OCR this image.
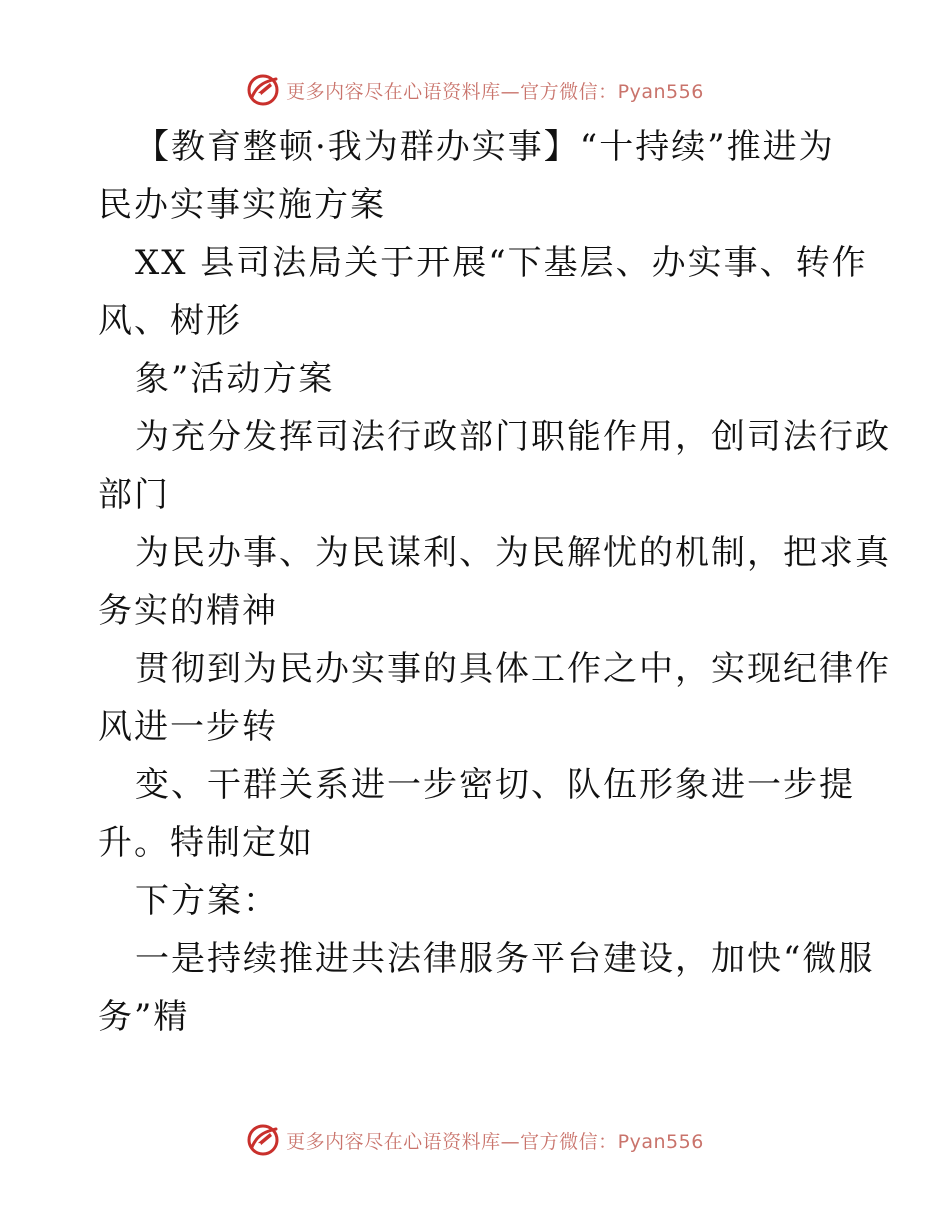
更多内容尽在心语资料库—官方微信：Pyan556
【教育整顿·我为群办实事】“十持续”推进为
民办实事实施方案
XX 县司法局关于开展“下基层、办实事、转作
风、树形
象”活动方案
为充分发挥司法行政部门职能作用，创司法行政
部门
为民办事、为民谋利、为民解忧的机制，把求真
务实的精神
贯彻到为民办实事的具体工作之中，实现纪律作
风进一步转
变、干群关系进一步密切、队伍形象进一步提
升。特制定如
下方案：
一是持续推进共法律服务平台建设，加快“微服
务”精
更多内容尽在心语资料库—官方微信：Pyan556
